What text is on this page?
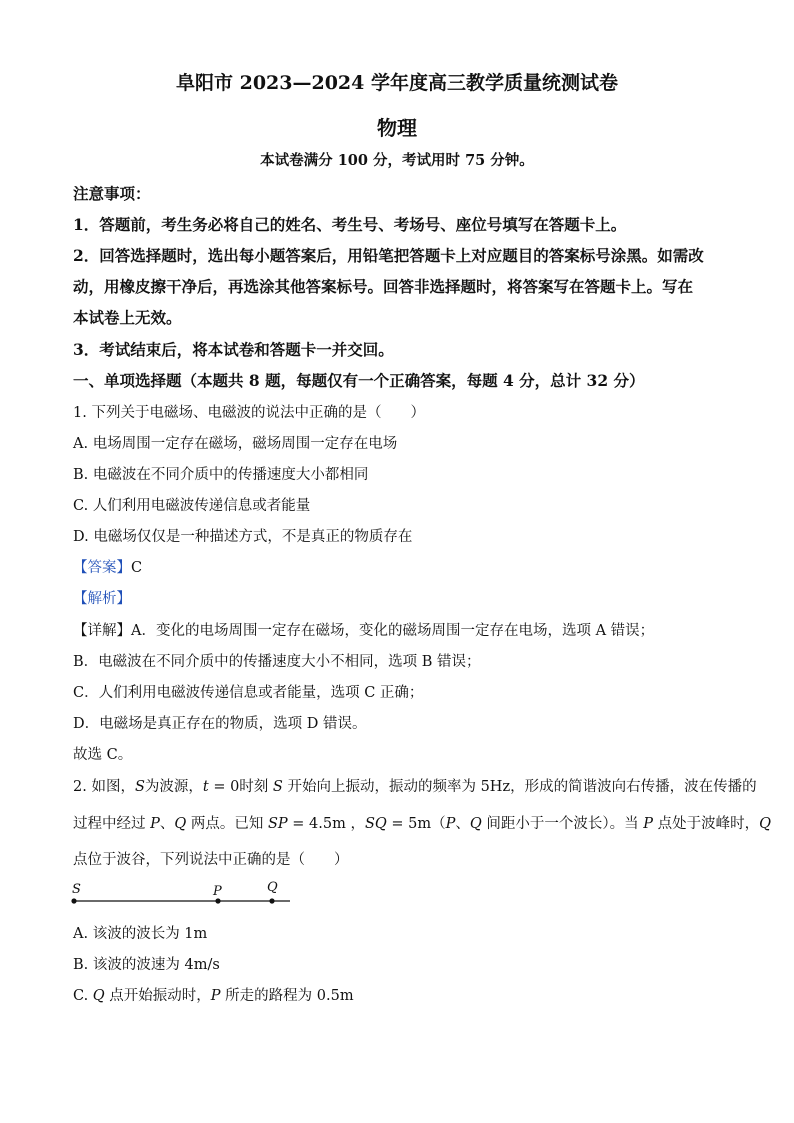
阜阳市 2023—2024 学年度高三教学质量统测试卷
物理
本试卷满分 100 分，考试用时 75 分钟。
注意事项：
1．答题前，考生务必将自己的姓名、考生号、考场号、座位号填写在答题卡上。
2．回答选择题时，选出每小题答案后，用铅笔把答题卡上对应题目的答案标号涂黑。如需改
动，用橡皮擦干净后，再选涂其他答案标号。回答非选择题时，将答案写在答题卡上。写在
本试卷上无效。
3．考试结束后，将本试卷和答题卡一并交回。
一、单项选择题（本题共 8 题，每题仅有一个正确答案，每题 4 分，总计 32 分）
1. 下列关于电磁场、电磁波的说法中正确的是（　　）
A. 电场周围一定存在磁场，磁场周围一定存在电场
B. 电磁波在不同介质中的传播速度大小都相同
C. 人们利用电磁波传递信息或者能量
D. 电磁场仅仅是一种描述方式，不是真正的物质存在
【答案】C
【解析】
【详解】A．变化的电场周围一定存在磁场，变化的磁场周围一定存在电场，选项 A 错误；
B．电磁波在不同介质中的传播速度大小不相同，选项 B 错误；
C．人们利用电磁波传递信息或者能量，选项 C 正确；
D．电磁场是真正存在的物质，选项 D 错误。
故选 C。
2. 如图，S为波源，t = 0时刻 S 开始向上振动，振动的频率为 5Hz，形成的简谐波向右传播，波在传播的
过程中经过 P、Q 两点。已知 SP = 4.5m ，SQ = 5m（P、Q 间距小于一个波长）。当 P 点处于波峰时，Q
点位于波谷，下列说法中正确的是（　　）
S	P	Q
A. 该波的波长为 1m
B. 该波的波速为 4m/s
C. Q 点开始振动时，P 所走的路程为 0.5m
